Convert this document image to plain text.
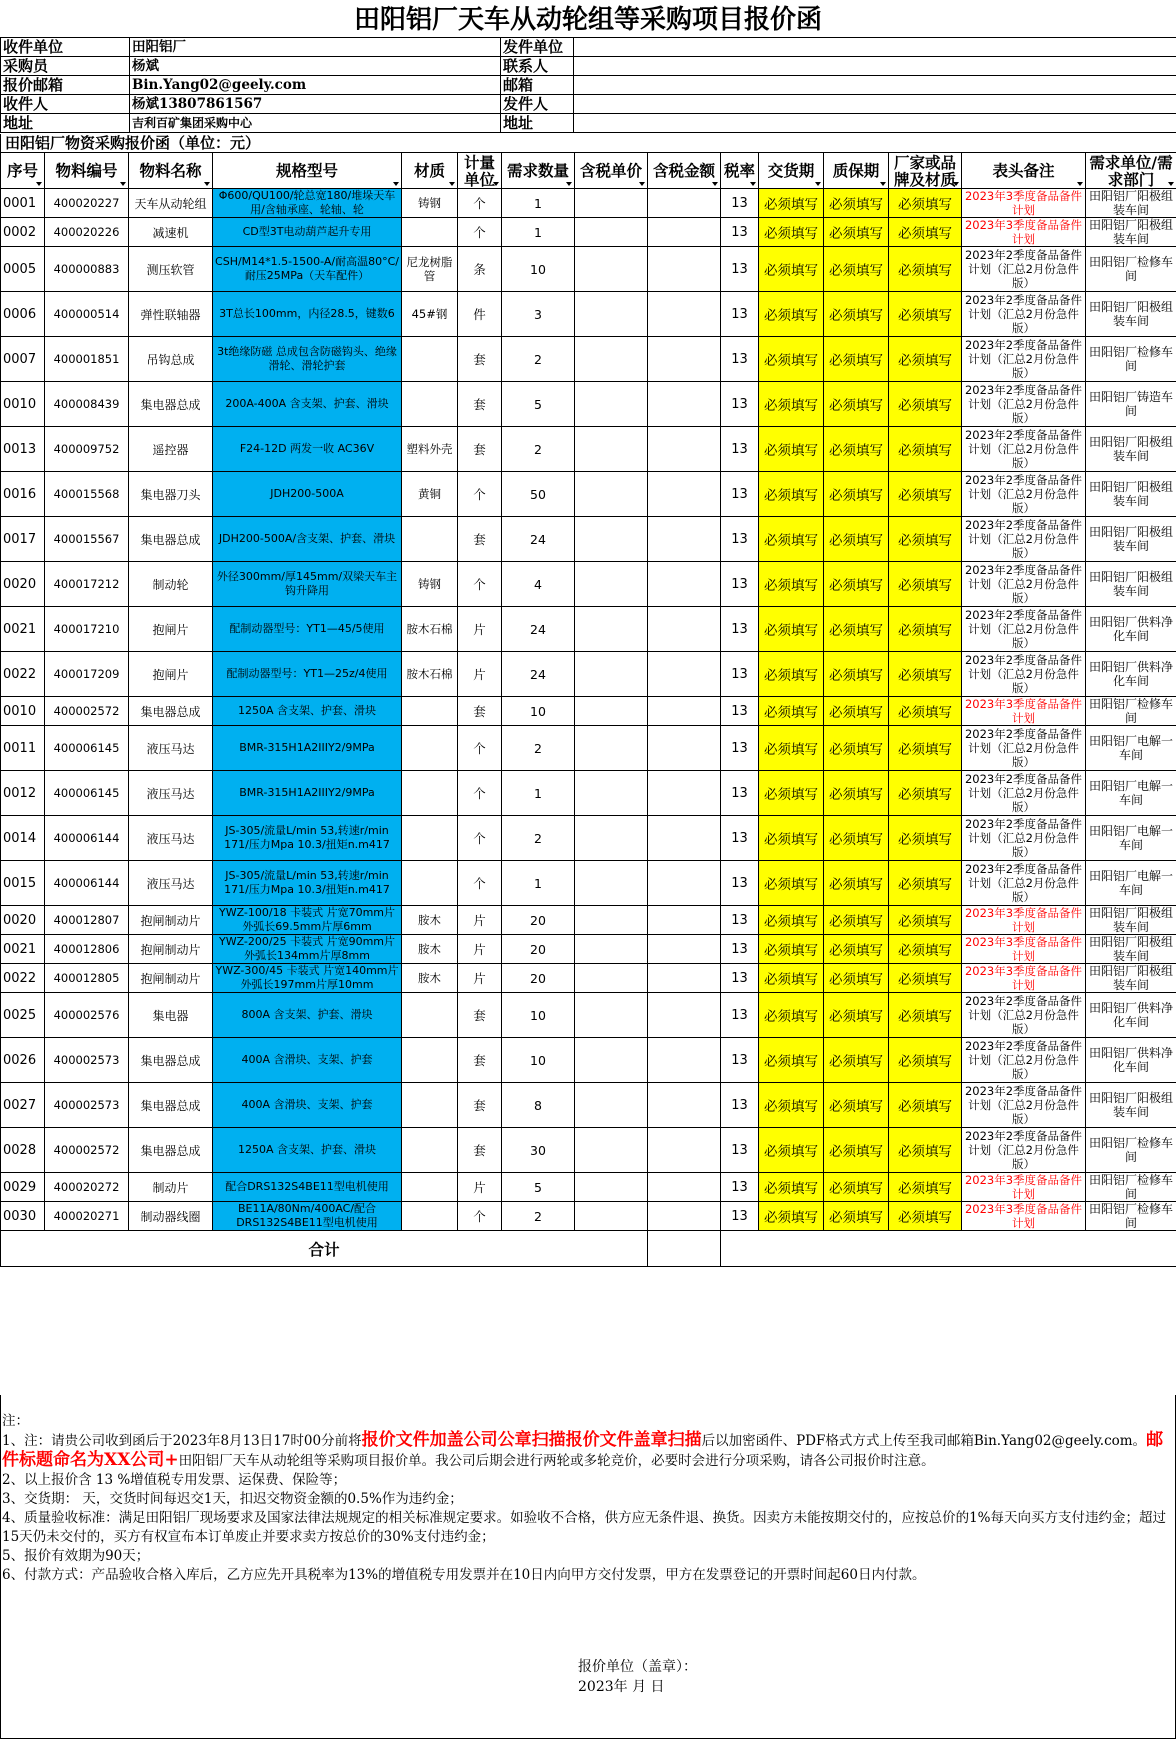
田阳铝厂天车从动轮组等采购项目报价函
收件单位	田阳铝厂	发件单位	
采购员	杨斌	联系人	
报价邮箱	Bin.Yang02@geely.com	邮箱	
收件人	杨斌13807861567	发件人	
地址	吉利百矿集团采购中心	地址	
田阳铝厂物资采购报价函（单位：元）
序号	物料编号	物料名称	规格型号	材质	计量单位	需求数量	含税单价	含税金额	税率	交货期	质保期	厂家或品牌及材质	表头备注	需求单位/需求部门

0001	400020227	天车从动轮组	Φ600/QU100/轮总宽180/堆垛天车用/含轴承座、轮轴、轮	铸钢	个	1			13	必须填写	必须填写	必须填写	2023年3季度备品备件计划	田阳铝厂阳极组装车间
0002	400020226	减速机	CD型3T电动葫芦起升专用		个	1			13	必须填写	必须填写	必须填写	2023年3季度备品备件计划	田阳铝厂阳极组装车间
0005	400000883	测压软管	CSH/M14*1.5-1500-A/耐高温80°C/耐压25MPa（天车配件）	尼龙树脂管	条	10			13	必须填写	必须填写	必须填写	2023年2季度备品备件计划（汇总2月份急件版）	田阳铝厂检修车间
0006	400000514	弹性联轴器	3T总长100mm，内径28.5，键数6	45#钢	件	3			13	必须填写	必须填写	必须填写	2023年2季度备品备件计划（汇总2月份急件版）	田阳铝厂阳极组装车间
0007	400001851	吊钩总成	3t绝缘防磁 总成包含防磁钩头、绝缘滑轮、滑轮护套		套	2			13	必须填写	必须填写	必须填写	2023年2季度备品备件计划（汇总2月份急件版）	田阳铝厂检修车间
0010	400008439	集电器总成	200A-400A 含支架、护套、滑块		套	5			13	必须填写	必须填写	必须填写	2023年2季度备品备件计划（汇总2月份急件版）	田阳铝厂铸造车间
0013	400009752	遥控器	F24-12D 两发一收 AC36V	塑料外壳	套	2			13	必须填写	必须填写	必须填写	2023年2季度备品备件计划（汇总2月份急件版）	田阳铝厂阳极组装车间
0016	400015568	集电器刀头	JDH200-500A	黄铜	个	50			13	必须填写	必须填写	必须填写	2023年2季度备品备件计划（汇总2月份急件版）	田阳铝厂阳极组装车间
0017	400015567	集电器总成	JDH200-500A/含支架、护套、滑块		套	24			13	必须填写	必须填写	必须填写	2023年2季度备品备件计划（汇总2月份急件版）	田阳铝厂阳极组装车间
0020	400017212	制动轮	外径300mm/厚145mm/双梁天车主钩升降用	铸钢	个	4			13	必须填写	必须填写	必须填写	2023年2季度备品备件计划（汇总2月份急件版）	田阳铝厂阳极组装车间
0021	400017210	抱闸片	配制动器型号：YT1—45/5使用	胺木石棉	片	24			13	必须填写	必须填写	必须填写	2023年2季度备品备件计划（汇总2月份急件版）	田阳铝厂供料净化车间
0022	400017209	抱闸片	配制动器型号：YT1—25z/4使用	胺木石棉	片	24			13	必须填写	必须填写	必须填写	2023年2季度备品备件计划（汇总2月份急件版）	田阳铝厂供料净化车间
0010	400002572	集电器总成	1250A 含支架、护套、滑块		套	10			13	必须填写	必须填写	必须填写	2023年3季度备品备件计划	田阳铝厂检修车间
0011	400006145	液压马达	BMR-315H1A2IIIY2/9MPa		个	2			13	必须填写	必须填写	必须填写	2023年2季度备品备件计划（汇总2月份急件版）	田阳铝厂电解一车间
0012	400006145	液压马达	BMR-315H1A2IIIY2/9MPa		个	1			13	必须填写	必须填写	必须填写	2023年2季度备品备件计划（汇总2月份急件版）	田阳铝厂电解一车间
0014	400006144	液压马达	JS-305/流量L/min 53,转速r/min 171/压力Mpa 10.3/扭矩n.m417		个	2			13	必须填写	必须填写	必须填写	2023年2季度备品备件计划（汇总2月份急件版）	田阳铝厂电解一车间
0015	400006144	液压马达	JS-305/流量L/min 53,转速r/min 171/压力Mpa 10.3/扭矩n.m417		个	1			13	必须填写	必须填写	必须填写	2023年2季度备品备件计划（汇总2月份急件版）	田阳铝厂电解一车间
0020	400012807	抱闸制动片	YWZ-100/18 卡装式 片宽70mm片外弧长69.5mm片厚6mm	胺木	片	20			13	必须填写	必须填写	必须填写	2023年3季度备品备件计划	田阳铝厂阳极组装车间
0021	400012806	抱闸制动片	YWZ-200/25 卡装式 片宽90mm片外弧长134mm片厚8mm	胺木	片	20			13	必须填写	必须填写	必须填写	2023年3季度备品备件计划	田阳铝厂阳极组装车间
0022	400012805	抱闸制动片	YWZ-300/45 卡装式 片宽140mm片外弧长197mm片厚10mm	胺木	片	20			13	必须填写	必须填写	必须填写	2023年3季度备品备件计划	田阳铝厂阳极组装车间
0025	400002576	集电器	800A 含支架、护套、滑块		套	10			13	必须填写	必须填写	必须填写	2023年2季度备品备件计划（汇总2月份急件版）	田阳铝厂供料净化车间
0026	400002573	集电器总成	400A 含滑块、支架、护套		套	10			13	必须填写	必须填写	必须填写	2023年2季度备品备件计划（汇总2月份急件版）	田阳铝厂供料净化车间
0027	400002573	集电器总成	400A 含滑块、支架、护套		套	8			13	必须填写	必须填写	必须填写	2023年2季度备品备件计划（汇总2月份急件版）	田阳铝厂阳极组装车间
0028	400002572	集电器总成	1250A 含支架、护套、滑块		套	30			13	必须填写	必须填写	必须填写	2023年2季度备品备件计划（汇总2月份急件版）	田阳铝厂检修车间
0029	400020272	制动片	配合DRS132S4BE11型电机使用		片	5			13	必须填写	必须填写	必须填写	2023年3季度备品备件计划	田阳铝厂检修车间
0030	400020271	制动器线圈	BE11A/80Nm/400AC/配合DRS132S4BE11型电机使用		个	2			13	必须填写	必须填写	必须填写	2023年3季度备品备件计划	田阳铝厂检修车间
合计														

注：

1、注：请贵公司收到函后于2023年8月13日17时00分前将报价文件加盖公司公章扫描报价文件盖章扫描后以加密函件、PDF格式方式上传至我司邮箱Bin.Yang02@geely.com。邮件标题命名为XX公司+田阳铝厂天车从动轮组等采购项目报价单。我公司后期会进行两轮或多轮竞价，必要时会进行分项采购，请各公司报价时注意。

2、以上报价含 13 %增值税专用发票、运保费、保险等；

3、交货期： 天，交货时间每迟交1天，扣迟交物资金额的0.5%作为违约金；

4、质量验收标准：满足田阳铝厂现场要求及国家法律法规规定的相关标准规定要求。如验收不合格，供方应无条件退、换货。因卖方未能按期交付的，应按总价的1%每天向买方支付违约金；超过15天仍未交付的，买方有权宣布本订单废止并要求卖方按总价的30%支付违约金；

5、报价有效期为90天；

6、付款方式：产品验收合格入库后，乙方应先开具税率为13%的增值税专用发票并在10日内向甲方交付发票，甲方在发票登记的开票时间起60日内付款。

报价单位（盖章）：
2023年 月 日
